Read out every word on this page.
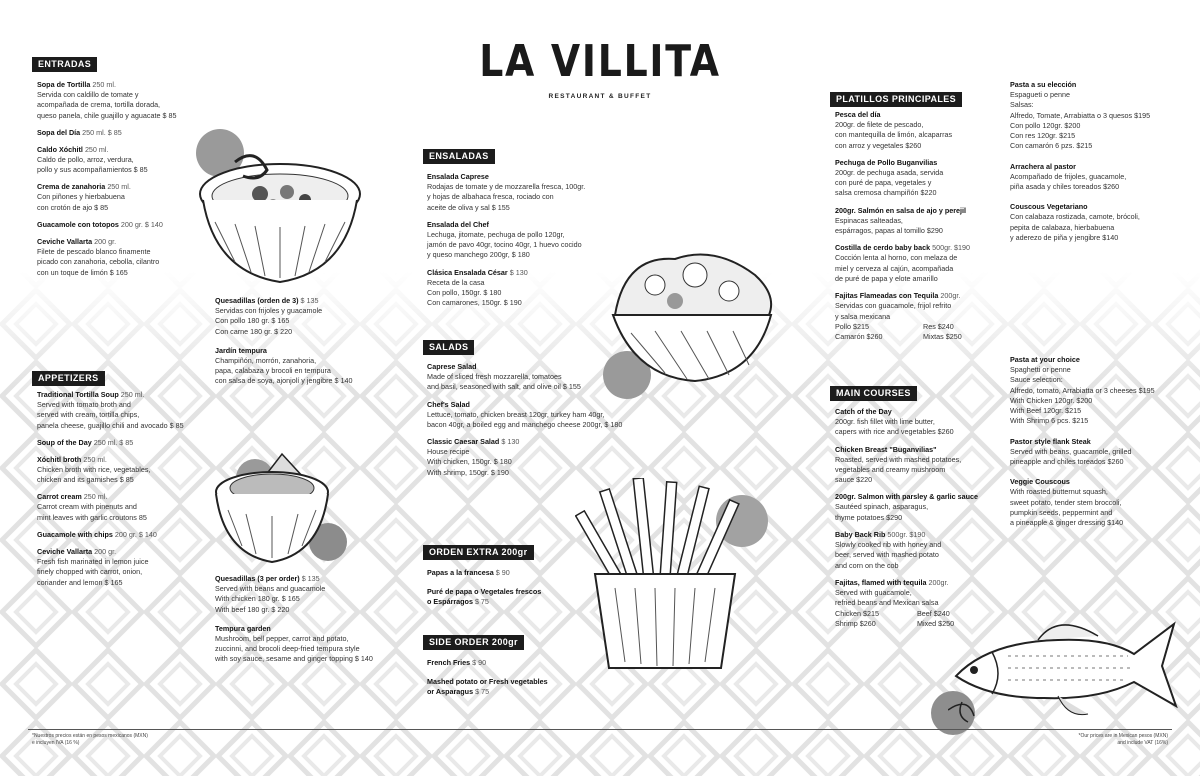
LA VILLITA
RESTAURANT & BUFFET
ENTRADAS
APPETIZERS
ENSALADAS
SALADS
ORDEN EXTRA 200gr
SIDE ORDER 200gr
PLATILLOS PRINCIPALES
MAIN COURSES
Sopa de Tortilla 250 ml.
Servida con caldillo de tomate y
acompañada de crema, tortilla dorada,
queso panela, chile guajillo y aguacate $ 85
Sopa del Día 250 ml. $ 85
Caldo Xóchitl 250 ml.
Caldo de pollo, arroz, verdura,
pollo y sus acompañamientos $ 85
Crema de zanahoria 250 ml.
Con piñones y hierbabuena
con crotón de ajo $ 85
Guacamole con totopos 200 gr. $ 140
Ceviche Vallarta 200 gr.
Filete de pescado blanco finamente
picado con zanahoria, cebolla, cilantro
con un toque de limón $ 165
Quesadillas (orden de 3) $ 135
Servidas con frijoles y guacamole
Con pollo 180 gr. $ 165
Con carne 180 gr. $ 220
Jardín tempura
Champiñón, morrón, zanahoria,
papa, calabaza y brocoli en tempura
con salsa de soya, ajonjolí y jengibre $ 140
Traditional Tortilla Soup 250 ml.
Served with tomato broth and
served with cream, tortilla chips,
panela cheese, guajillo chili and avocado $ 85
Soup of the Day 250 ml. $ 85
Xóchitl broth 250 ml.
Chicken broth with rice, vegetables,
chicken and its garnishes $ 85
Carrot cream 250 ml.
Carrot cream with pinenuts and
mint leaves with garlic croutons 85
Guacamole with chips 200 gr. $ 140
Ceviche Vallarta 200 gr.
Fresh fish marinated in lemon juice
finely chopped with carrot, onion,
coriander and lemon $ 165	Quesadillas (3 per order) $ 135
Served with beans and guacamole
With chicken 180 gr. $ 165
With beef 180 gr. $ 220
Tempura garden
Mushroom, bell pepper, carrot and potato,
zuccinni, and brocoli deep-fried tempura style
with soy sauce, sesame and ginger topping $ 140
Ensalada Caprese
Rodajas de tomate y de mozzarella fresca, 100gr.
y hojas de albahaca fresca, rociado con
aceite de oliva y sal $ 155
Ensalada del Chef
Lechuga, jitomate, pechuga de pollo 120gr,
jamón de pavo 40gr, tocino 40gr, 1 huevo cocido
y queso manchego 200gr, $ 180
Clásica Ensalada César $ 130
Receta de la casa
Con pollo, 150gr. $ 180
Con camarones, 150gr. $ 190
Caprese Salad
Made of sliced fresh mozzarella, tomatoes
and basil, seasoned with salt, and olive oil $ 155
Chef's Salad
Lettuce, tomato, chicken breast 120gr, turkey ham 40gr,
bacon 40gr, a boiled egg and manchego cheese 200gr, $ 180
Classic Caesar Salad $ 130
House recipe
With chicken, 150gr. $ 180
With shrimp, 150gr. $ 190
Papas a la francesa $ 90
Puré de papa o Vegetales frescos
o Espárragos $ 75
French Fries $ 90
Mashed potato or Fresh vegetables
or Asparagus $ 75
Pesca del día
200gr. de filete de pescado,
con mantequilla de limón, alcaparras
con arroz y vegetales $260
Pechuga de Pollo Buganvilias
200gr. de pechuga asada, servida
con puré de papa, vegetales y
salsa cremosa champiñón $220
200gr. Salmón en salsa de ajo y perejil
Espinacas salteadas,
espárragos, papas al tomillo $290
Costilla de cerdo baby back 500gr. $190
Cocción lenta al horno, con melaza de
miel y cerveza al cajún, acompañada
de puré de papa y elote amarillo
Fajitas Flameadas con Tequila 200gr.
Servidas con guacamole, frijol refrito
y salsa mexicana
Pollo $215	Res $240
Camarón $260	Mixtas $250
Pasta a su elección
Espagueti o penne
Salsas:
Alfredo, Tomate, Arrabiatta o 3 quesos $195
Con pollo 120gr. $200
Con res 120gr. $215
Con camarón 6 pzs. $215
Arrachera al pastor
Acompañado de frijoles, guacamole,
piña asada y chiles toreados $260
Couscous Vegetariano
Con calabaza rostizada, camote, brócoli,
pepita de calabaza, hierbabuena
y aderezo de piña y jengibre $140
Catch of the Day
200gr. fish fillet with lime butter,
capers with rice and vegetables $260
Chicken Breast "Buganvilias"
Roasted, served with mashed potatoes,
vegetables and creamy mushroom
sauce $220
200gr. Salmon with parsley & garlic sauce
Sautéed spinach, asparagus,
thyme potatoes $290
Baby Back Rib 500gr. $190
Slowly cooked rib with honey and
beer, served with mashed potato
and corn on the cob
Fajitas, flamed with tequila 200gr.
Served with guacamole,
refried beans and Mexican salsa
Chicken $215	Beef $240
Shrimp $260	Mixed $250
Pasta at your choice
Spaghetti or penne
Sauce selection:
Alfredo, tomato, Arrabiatta or 3 cheeses $195
With Chicken 120gr. $200
With Beef 120gr. $215
With Shrimp 6 pcs. $215
Pastor style flank Steak
Served with beans, guacamole, grilled
pineapple and chiles toreados $260
Veggie Couscous
With roasted butternut squash,
sweet potato, tender stem broccoli,
pumpkin seeds, peppermint and
a pineapple & ginger dressing $140
*Nuestros precios están en pesos mexicanos (MXN)
e incluyen IVA (16 %)
*Our prices are in Mexican pesos (MXN)
and include VAT (16%)
